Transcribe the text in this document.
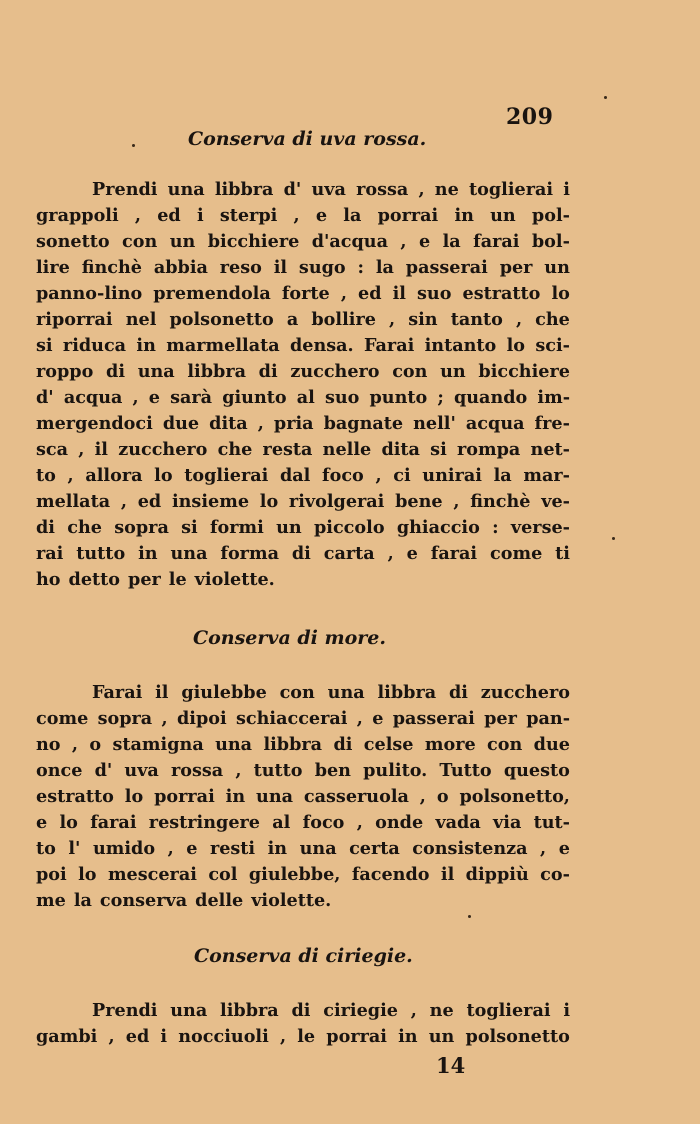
209
Conserva di uva rossa.
Prendi una libbra d' uva rossa , ne toglierai i
grappoli , ed i sterpi , e la porrai in un pol-
sonetto con un bicchiere d'acqua , e la farai bol-
lire finchè abbia reso il sugo : la passerai per un
panno-lino premendola forte , ed il suo estratto lo
riporrai nel polsonetto a bollire , sin tanto , che
si riduca in marmellata densa. Farai intanto lo sci-
roppo di una libbra di zucchero con un bicchiere
d' acqua , e sarà giunto al suo punto ; quando im-
mergendoci due dita , pria bagnate nell' acqua fre-
sca , il zucchero che resta nelle dita si rompa net-
to , allora lo toglierai dal foco , ci unirai la mar-
mellata , ed insieme lo rivolgerai bene , finchè ve-
di che sopra si formi un piccolo ghiaccio : verse-
rai tutto in una forma di carta , e farai come ti
ho detto per le violette.
Conserva di more.
Farai il giulebbe con una libbra di zucchero
come sopra , dipoi schiaccerai , e passerai per pan-
no , o stamigna una libbra di celse more con due
once d' uva rossa , tutto ben pulito. Tutto questo
estratto lo porrai in una casseruola , o polsonetto,
e lo farai restringere al foco , onde vada via tut-
to l' umido , e resti in una certa consistenza , e
poi lo mescerai col giulebbe, facendo il dippiù co-
me la conserva delle violette.
Conserva di ciriegie.
Prendi una libbra di ciriegie , ne toglierai i
gambi , ed i nocciuoli , le porrai in un polsonetto
14
